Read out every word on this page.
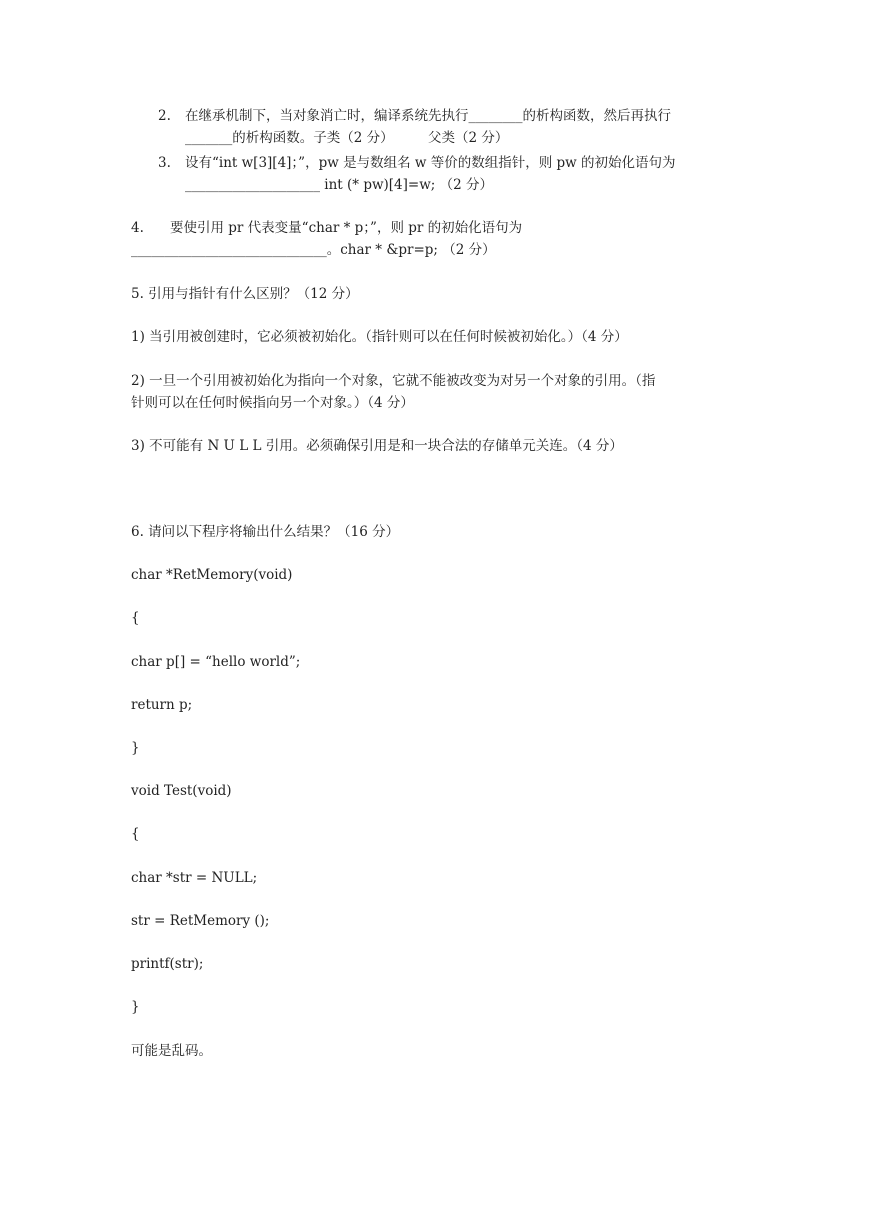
2. 在继承机制下，当对象消亡时，编译系统先执行________的析构函数，然后再执行
_______的析构函数。子类（2 分）        父类（2 分）
3. 设有“int w[3][4]；”，pw 是与数组名 w 等价的数组指针，则 pw 的初始化语句为
____________________ int (* pw)[4]=w; （2 分）
4. 要使引用 pr 代表变量“char * p；”，则 pr 的初始化语句为
_____________________________。char * &pr=p; （2 分）
5. 引用与指针有什么区别？（12 分）
1) 当引用被创建时，它必须被初始化。（指针则可以在任何时候被初始化。）（4 分）
2) 一旦一个引用被初始化为指向一个对象，它就不能被改变为对另一个对象的引用。（指
针则可以在任何时候指向另一个对象。）（4 分）
3) 不可能有 N U L L 引用。必须确保引用是和一块合法的存储单元关连。（4 分）
6. 请问以下程序将输出什么结果？（16 分）
char *RetMemory(void)
{
char p[] = “hello world”;
return p;
}
void Test(void)
{
char *str = NULL;
str = RetMemory ();
printf(str);
}
可能是乱码。
